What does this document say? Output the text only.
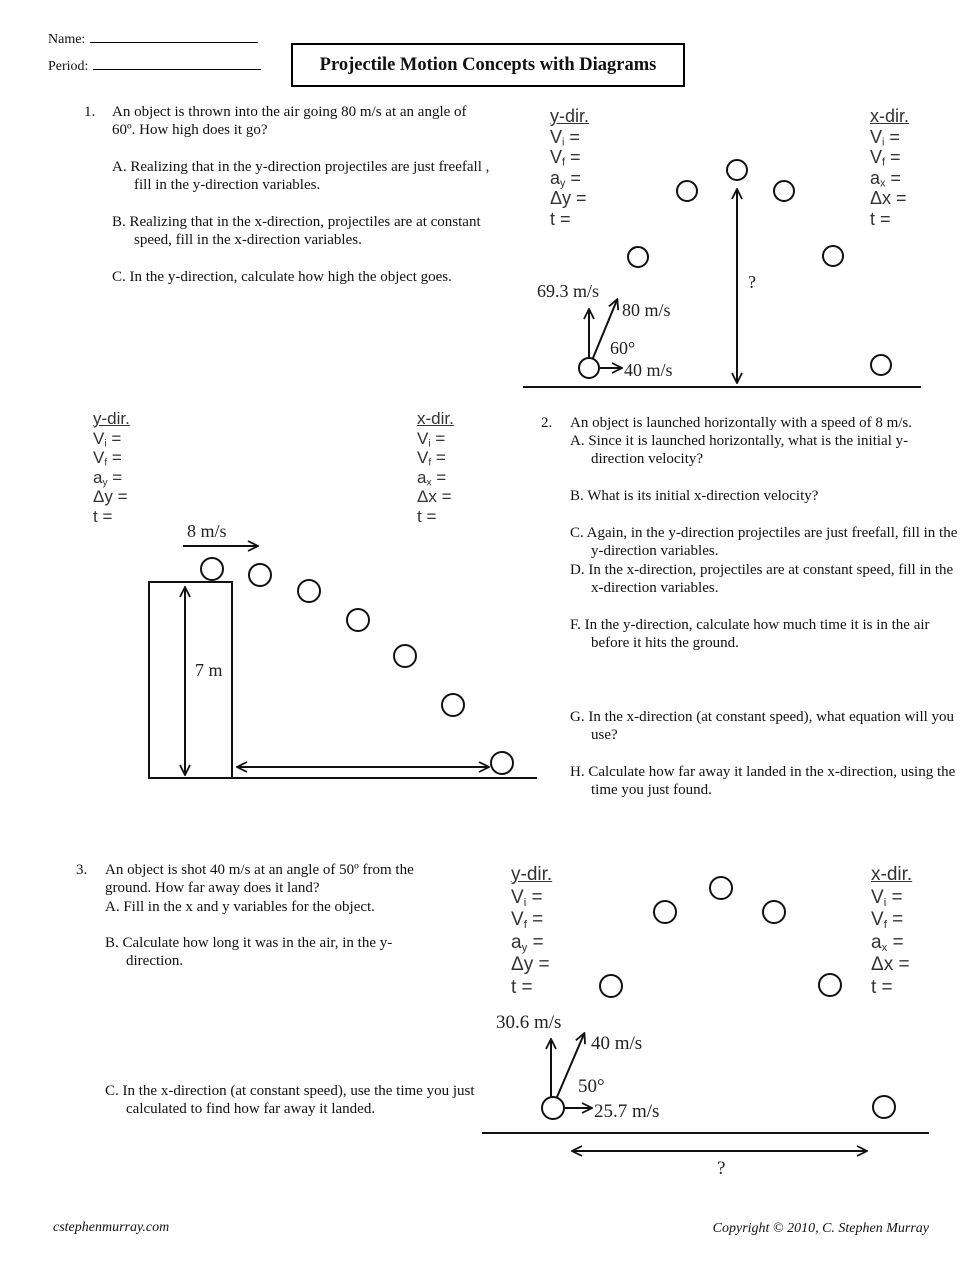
Name:
Period:	Projectile Motion Concepts with Diagrams
1. An object is thrown into the air going 80 m/s at an angle of 60º. How high does it go?
A. Realizing that in the y-direction projectiles are just freefall , fill in the y-direction variables.
B. Realizing that in the x-direction, projectiles are at constant speed, fill in the x-direction variables.
C. In the y-direction, calculate how high the object goes.
y-dir.
$V_i$ =
$V_f$ =
$a_y$ =
Δy =
t =
x-dir.
$V_i$ =
$V_f$ =
$a_x$ =
Δx =
t =
y-dir.
$V_i$ =
$V_f$ =
$a_y$ =
Δy =
t =
x-dir.
$V_i$ =
$V_f$ =
$a_x$ =
Δx =
t =
2. An object is launched horizontally with a speed of 8 m/s.
A. Since it is launched horizontally, what is the initial y-direction velocity?
B. What is its initial x-direction velocity?
C. Again, in the y-direction projectiles are just freefall, fill in the y-direction variables.
D. In the x-direction, projectiles are at constant speed, fill in the x-direction variables.
F. In the y-direction, calculate how much time it is in the air before it hits the ground.
G. In the x-direction (at constant speed), what equation will you use?
H. Calculate how far away it landed in the x-direction, using the time you just found.
3. An object is shot 40 m/s at an angle of 50º from the ground. How far away does it land?
A. Fill in the x and y variables for the object.
B. Calculate how long it was in the air, in the y-direction.
C. In the x-direction (at constant speed), use the time you just calculated to find how far away it landed.
y-dir.
$V_i$ =
$V_f$ =
$a_y$ =
Δy =
t =
x-dir.
$V_i$ =
$V_f$ =
$a_x$ =
Δx =
t =
69.3 m/s
80 m/s
60°
40 m/s
?
8 m/s
7 m
30.6 m/s
40 m/s
50°
25.7 m/s
?
cstephenmurray.com	Copyright © 2010, C. Stephen Murray
